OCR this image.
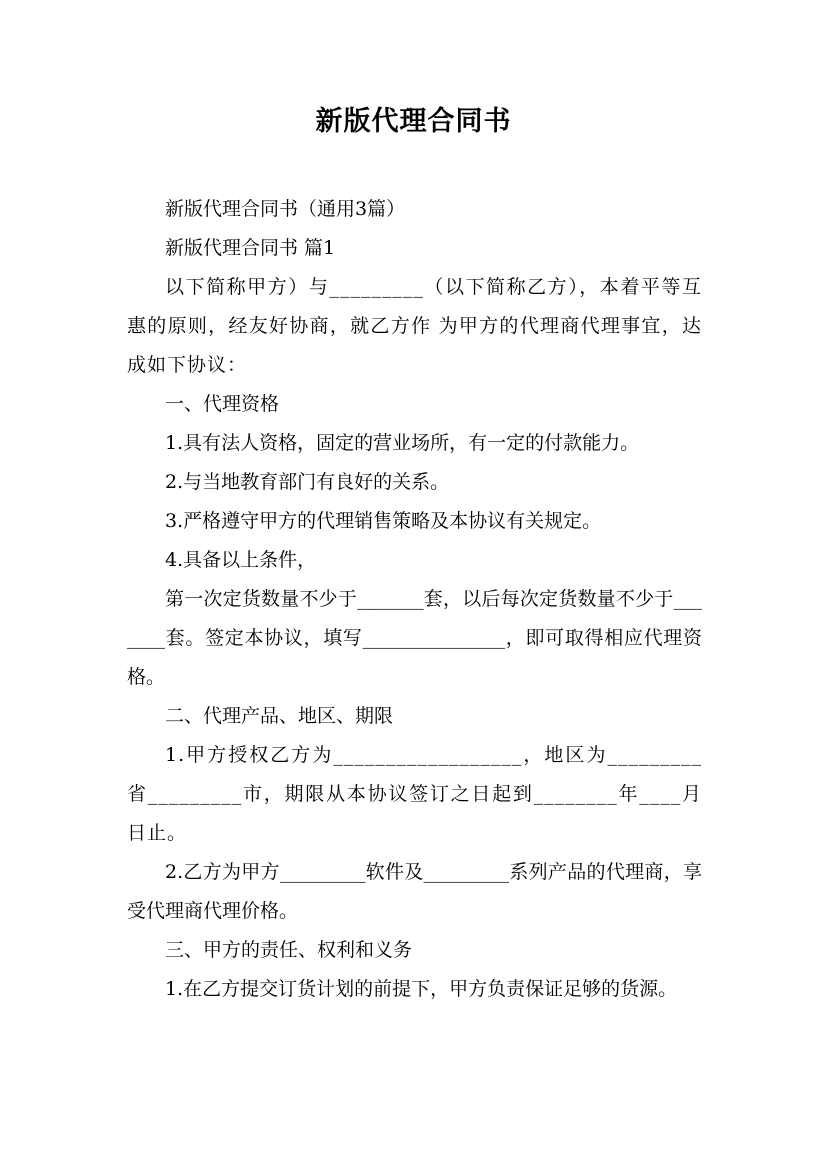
新版代理合同书

新版代理合同书（通用3篇）

新版代理合同书 篇1

以下简称甲方）与_________（以下简称乙方），本着平等互惠的原则，经友好协商，就乙方作 为甲方的代理商代理事宜，达成如下协议：

一、代理资格

1.具有法人资格，固定的营业场所，有一定的付款能力。

2.与当地教育部门有良好的关系。

3.严格遵守甲方的代理销售策略及本协议有关规定。

4.具备以上条件，

第一次定货数量不少于_______套，以后每次定货数量不少于_______套。签定本协议，填写_______________，即可取得相应代理资格。

二、代理产品、地区、期限

1.甲方授权乙方为__________________，地区为_________省_________市，期限从本协议签订之日起到________年____月日止。

2.乙方为甲方_________软件及_________系列产品的代理商，享受代理商代理价格。

三、甲方的责任、权利和义务

1.在乙方提交订货计划的前提下，甲方负责保证足够的货源。
